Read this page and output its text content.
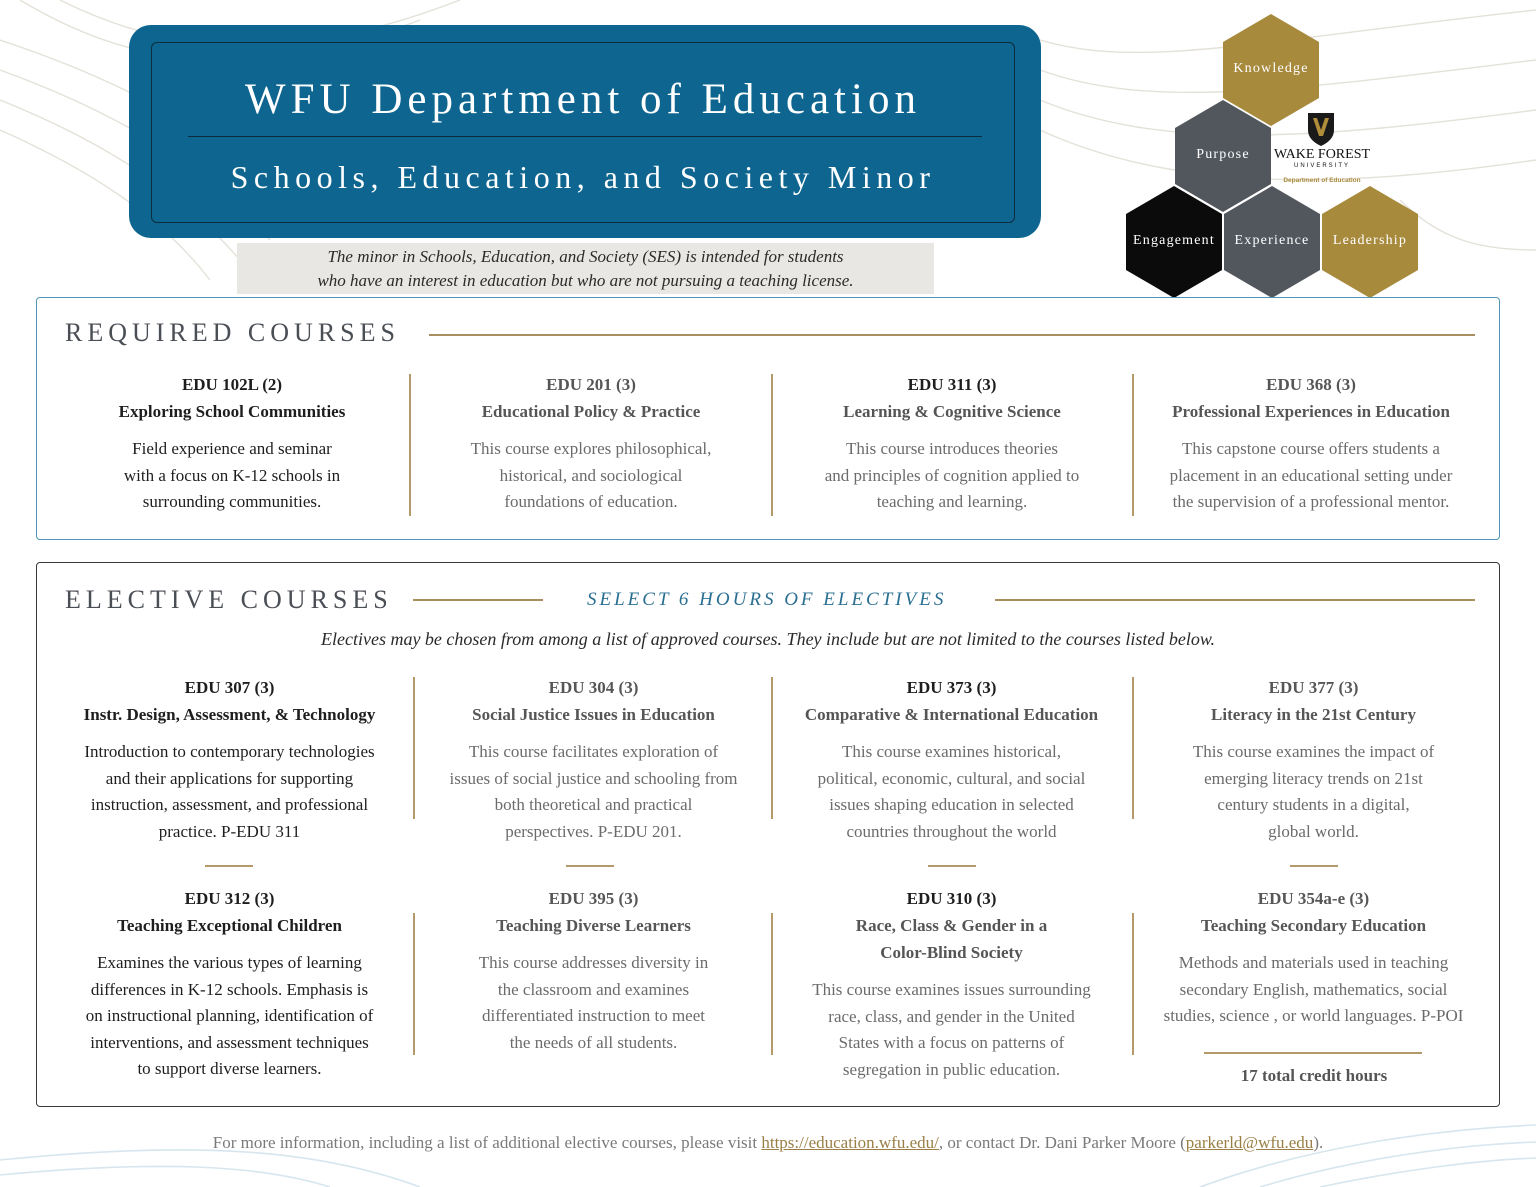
WFU Department of Education
Schools, Education, and Society Minor
The minor in Schools, Education, and Society (SES) is intended for students
who have an interest in education but who are not pursuing a teaching license.
Knowledge
Purpose
Engagement Experience Leadership
WAKE FOREST
UNIVERSITY
Department of Education
REQUIRED COURSES
EDU 102L (2)
Exploring School Communities
Field experience and seminar
with a focus on K-12 schools in
surrounding communities.
EDU 201 (3)
Educational Policy & Practice
This course explores philosophical,
historical, and sociological
foundations of education.
EDU 311 (3)
Learning & Cognitive Science
This course introduces theories
and principles of cognition applied to
teaching and learning.
EDU 368 (3)
Professional Experiences in Education
This capstone course offers students a
placement in an educational setting under
the supervision of a professional mentor.
ELECTIVE COURSES
Electives may be chosen from among a list of approved courses. They include but are not limited to the courses listed below.
EDU 307 (3)
Instr. Design, Assessment, & Technology
Introduction to contemporary technologies
and their applications for supporting
instruction, assessment, and professional
practice. P-EDU 311
EDU 304 (3)
Social Justice Issues in Education
This course facilitates exploration of
issues of social justice and schooling from
both theoretical and practical
perspectives. P-EDU 201.
EDU 373 (3)
Comparative & International Education
This course examines historical,
political, economic, cultural, and social
issues shaping education in selected
countries throughout the world
EDU 377 (3)
Literacy in the 21st Century
This course examines the impact of
emerging literacy trends on 21st
century students in a digital,
global world.
EDU 312 (3)
Teaching Exceptional Children
Examines the various types of learning
differences in K-12 schools. Emphasis is
on instructional planning, identification of
interventions, and assessment techniques
to support diverse learners.
EDU 395 (3)
Teaching Diverse Learners
This course addresses diversity in
the classroom and examines
differentiated instruction to meet
the needs of all students.
EDU 310 (3)
Race, Class & Gender in a
Color-Blind Society
This course examines issues surrounding
race, class, and gender in the United
States with a focus on patterns of
segregation in public education.
EDU 354a-e (3)
Teaching Secondary Education
Methods and materials used in teaching
secondary English, mathematics, social
studies, science , or world languages. P-POI
SELECT 6 HOURS OF ELECTIVES
17 total credit hours
For more information, including a list of additional elective courses, please visit https://education.wfu.edu/, or contact Dr. Dani Parker Moore (parkerld@wfu.edu).
